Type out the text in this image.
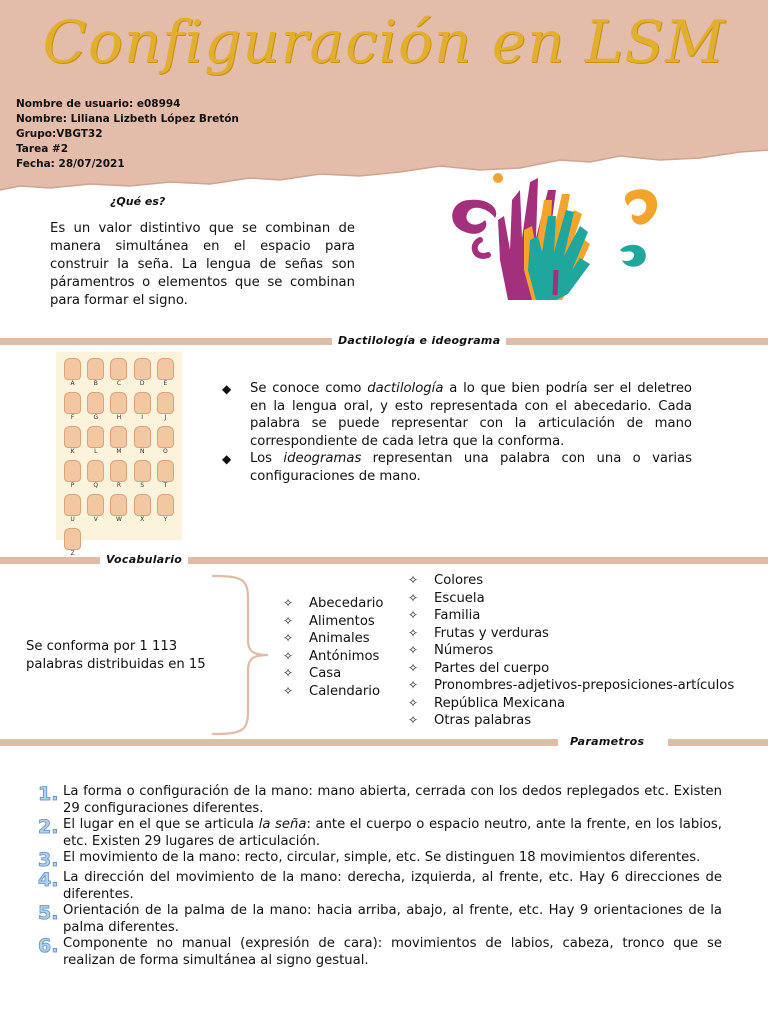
Configuración en LSM
Nombre de usuario: e08994
Nombre: Liliana Lizbeth López Bretón
Grupo:VBGT32
Tarea #2
Fecha: 28/07/2021
¿Qué es?
Es un valor distintivo que se combinan de manera simultánea en el espacio para construir la seña. La lengua de señas son páramentros o elementos que se combinan para formar el signo.
Dactilología e ideograma
A	B	C	D	E
F	G	H	I	J
K	L	M	N	O
P	Q	R	S	T
U	V	W	X	Y
Z
◆	Se conoce como dactilología a lo que bien podría ser el deletreo en la lengua oral, y esto representada con el abecedario. Cada palabra se puede representar con la articulación de mano correspondiente de cada letra que la conforma.
◆	Los ideogramas representan una palabra con una o varias configuraciones de mano.
Vocabulario
Se conforma por 1 113 palabras distribuidas en 15
✧	Abecedario
✧	Alimentos
✧	Animales
✧	Antónimos
✧	Casa
✧	Calendario
✧	Colores
✧	Escuela
✧	Familia
✧	Frutas y verduras
✧	Números
✧	Partes del cuerpo
✧	Pronombres-adjetivos-preposiciones-artículos
✧	República Mexicana
✧	Otras palabras
Parametros
1. La forma o configuración de la mano: mano abierta, cerrada con los dedos replegados etc. Existen 29 configuraciones diferentes.
2. El lugar en el que se articula la seña: ante el cuerpo o espacio neutro, ante la frente, en los labios, etc. Existen 29 lugares de articulación.
3. El movimiento de la mano: recto, circular, simple, etc. Se distinguen 18 movimientos diferentes.
4. La dirección del movimiento de la mano: derecha, izquierda, al frente, etc. Hay 6 direcciones de diferentes.
5. Orientación de la palma de la mano: hacia arriba, abajo, al frente, etc. Hay 9 orientaciones de la palma diferentes.
6. Componente no manual (expresión de cara): movimientos de labios, cabeza, tronco que se realizan de forma simultánea al signo gestual.
